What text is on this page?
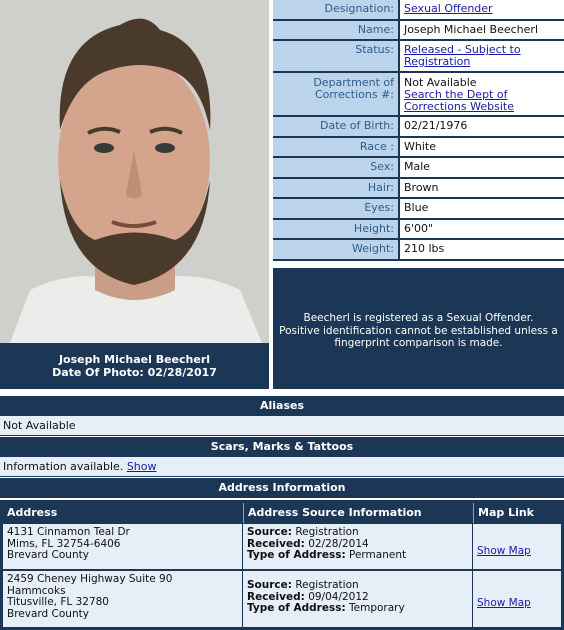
Joseph Michael Beecherl
Date Of Photo: 02/28/2017
Designation: Sexual Offender
Name: Joseph Michael Beecherl
Status: Released - Subject to Registration
Department of Corrections #:
Not Available
Search the Dept of Corrections Website
Date of Birth: 02/21/1976
Race : White
Sex: Male
Hair: Brown
Eyes: Blue
Height: 6'00"
Weight: 210 lbs
Beecherl is registered as a Sexual Offender.
Positive identification cannot be established unless a fingerprint comparison is made.
Aliases
Not Available
Scars, Marks & Tattoos
Information available. Show
Address Information
Address	Address Source Information	Map Link
4131 Cinnamon Teal Dr
Mims, FL 32754-6406
Brevard County
Source: Registration
Received: 02/28/2014
Type of Address: Permanent	Show Map
2459 Cheney Highway Suite 90
Hammcoks
Titusville, FL 32780
Brevard County
Source: Registration
Received: 09/04/2012
Type of Address: Temporary	Show Map
